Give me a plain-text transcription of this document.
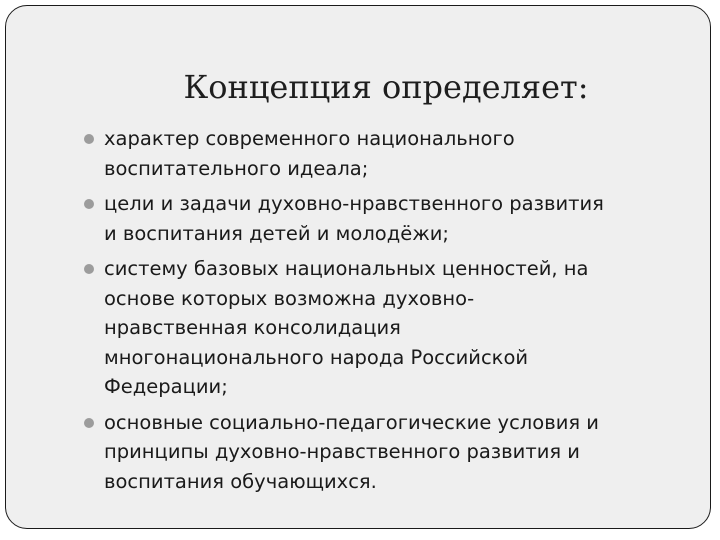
Концепция определяет:
характер современного национального
воспитательного идеала;
цели и задачи духовно-нравственного развития
и воспитания детей и молодёжи;
систему базовых национальных ценностей, на
основе которых возможна духовно-
нравственная консолидация
многонационального народа Российской
Федерации;
основные социально-педагогические условия и
принципы духовно-нравственного развития и
воспитания обучающихся.
